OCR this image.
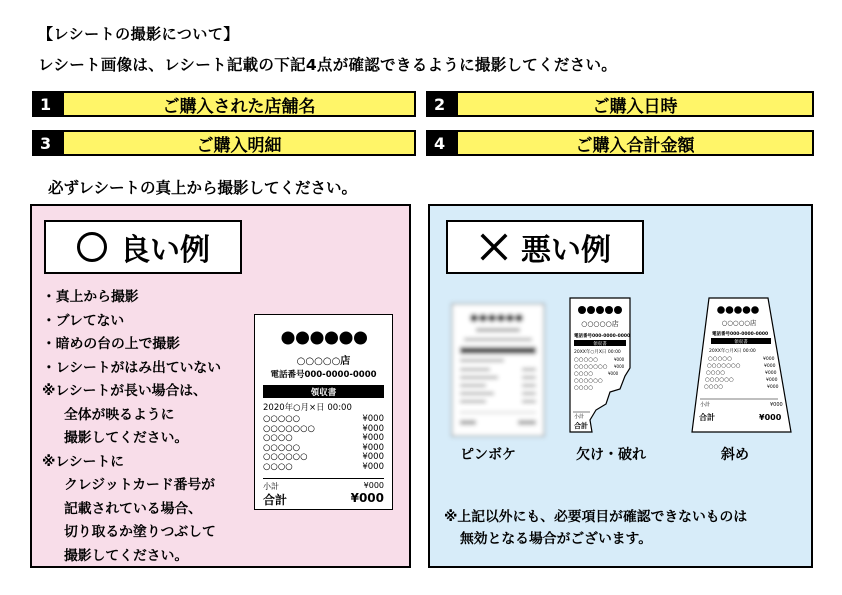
【レシートの撮影について】
レシート画像は、レシート記載の下記4点が確認できるように撮影してください。
1	ご購入された店舗名	2	ご購入日時
3	ご購入明細	4	ご購入合計金額
必ずレシートの真上から撮影してください。
良い例
・真上から撮影
・ブレてない
・暗めの台の上で撮影
・レシートがはみ出ていない
※レシートが長い場合は、
全体が映るように
撮影してください。
※レシートに
クレジットカード番号が
記載されている場合、
切り取るか塗りつぶして
撮影してください。
○○○○○店
電話番号000-0000-0000
領収書
2020年○月×日 00:00
○○○○○	¥000
○○○○○○○	¥000
○○○○	¥000
○○○○○	¥000
○○○○○○	¥000
○○○○	¥000
小計	¥000
合計	¥000
悪い例
○○○○○店
電話番号000-0000-0000
領収書
20XX年○月X日 00:00
○○○○○	¥000
○○○○○○○ ¥000
○○○○	¥000
○○○○○○
○○○○
小計
合計
○○○○○店
電話番号000-0000-0000
領収書
20XX年○月X日 00:00
○○○○○	¥000
○○○○○○○	¥000
○○○○	¥000
○○○○○○	¥000
○○○○	¥000
小計	¥000
合計	¥000
ピンボケ	欠け・破れ	斜め
※上記以外にも、必要項目が確認できないものは
無効となる場合がございます。
